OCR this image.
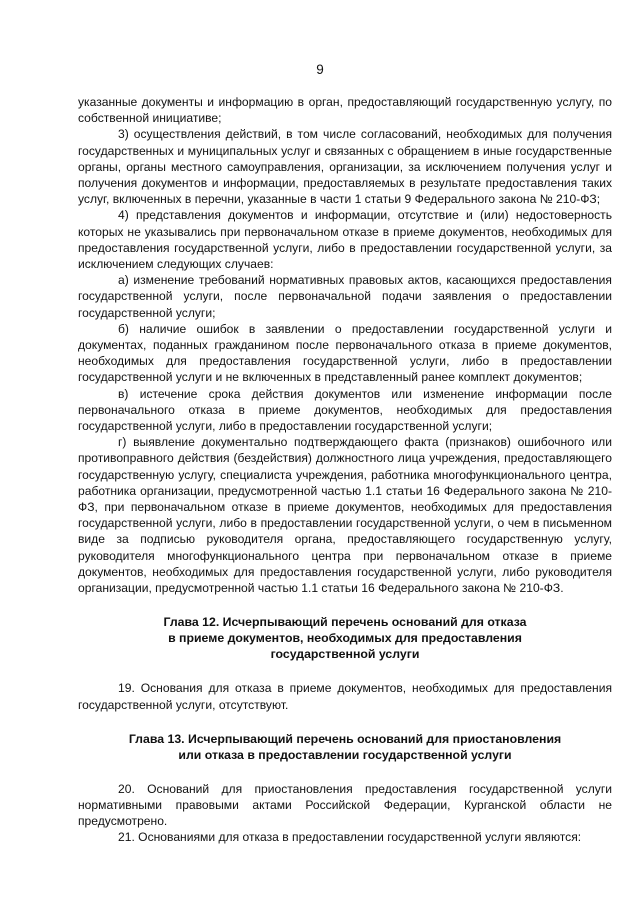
9

указанные документы и информацию в орган, предоставляющий государственную услугу, по собственной инициативе;

3) осуществления действий, в том числе согласований, необходимых для получения государственных и муниципальных услуг и связанных с обращением в иные государственные органы, органы местного самоуправления, организации, за исключением получения услуг и получения документов и информации, предоставляемых в результате предоставления таких услуг, включенных в перечни, указанные в части 1 статьи 9 Федерального закона № 210-ФЗ;

4) представления документов и информации, отсутствие и (или) недостоверность которых не указывались при первоначальном отказе в приеме документов, необходимых для предоставления государственной услуги, либо в предоставлении государственной услуги, за исключением следующих случаев:

а) изменение требований нормативных правовых актов, касающихся предоставления государственной услуги, после первоначальной подачи заявления о предоставлении государственной услуги;

б) наличие ошибок в заявлении о предоставлении государственной услуги и документах, поданных гражданином после первоначального отказа в приеме документов, необходимых для предоставления государственной услуги, либо в предоставлении государственной услуги и не включенных в представленный ранее комплект документов;

в) истечение срока действия документов или изменение информации после первоначального отказа в приеме документов, необходимых для предоставления государственной услуги, либо в предоставлении государственной услуги;

г) выявление документально подтверждающего факта (признаков) ошибочного или противоправного действия (бездействия) должностного лица учреждения, предоставляющего государственную услугу, специалиста учреждения, работника многофункционального центра, работника организации, предусмотренной частью 1.1 статьи 16 Федерального закона № 210-ФЗ, при первоначальном отказе в приеме документов, необходимых для предоставления государственной услуги, либо в предоставлении государственной услуги, о чем в письменном виде за подписью руководителя органа, предоставляющего государственную услугу, руководителя многофункционального центра при первоначальном отказе в приеме документов, необходимых для предоставления государственной услуги, либо руководителя организации, предусмотренной частью 1.1 статьи 16 Федерального закона № 210-ФЗ.

Глава 12. Исчерпывающий перечень оснований для отказа
в приеме документов, необходимых для предоставления
государственной услуги

19. Основания для отказа в приеме документов, необходимых для предоставления государственной услуги, отсутствуют.

Глава 13. Исчерпывающий перечень оснований для приостановления
или отказа в предоставлении государственной услуги

20. Оснований для приостановления предоставления государственной услуги нормативными правовыми актами Российской Федерации, Курганской области не предусмотрено.

21. Основаниями для отказа в предоставлении государственной услуги являются:
